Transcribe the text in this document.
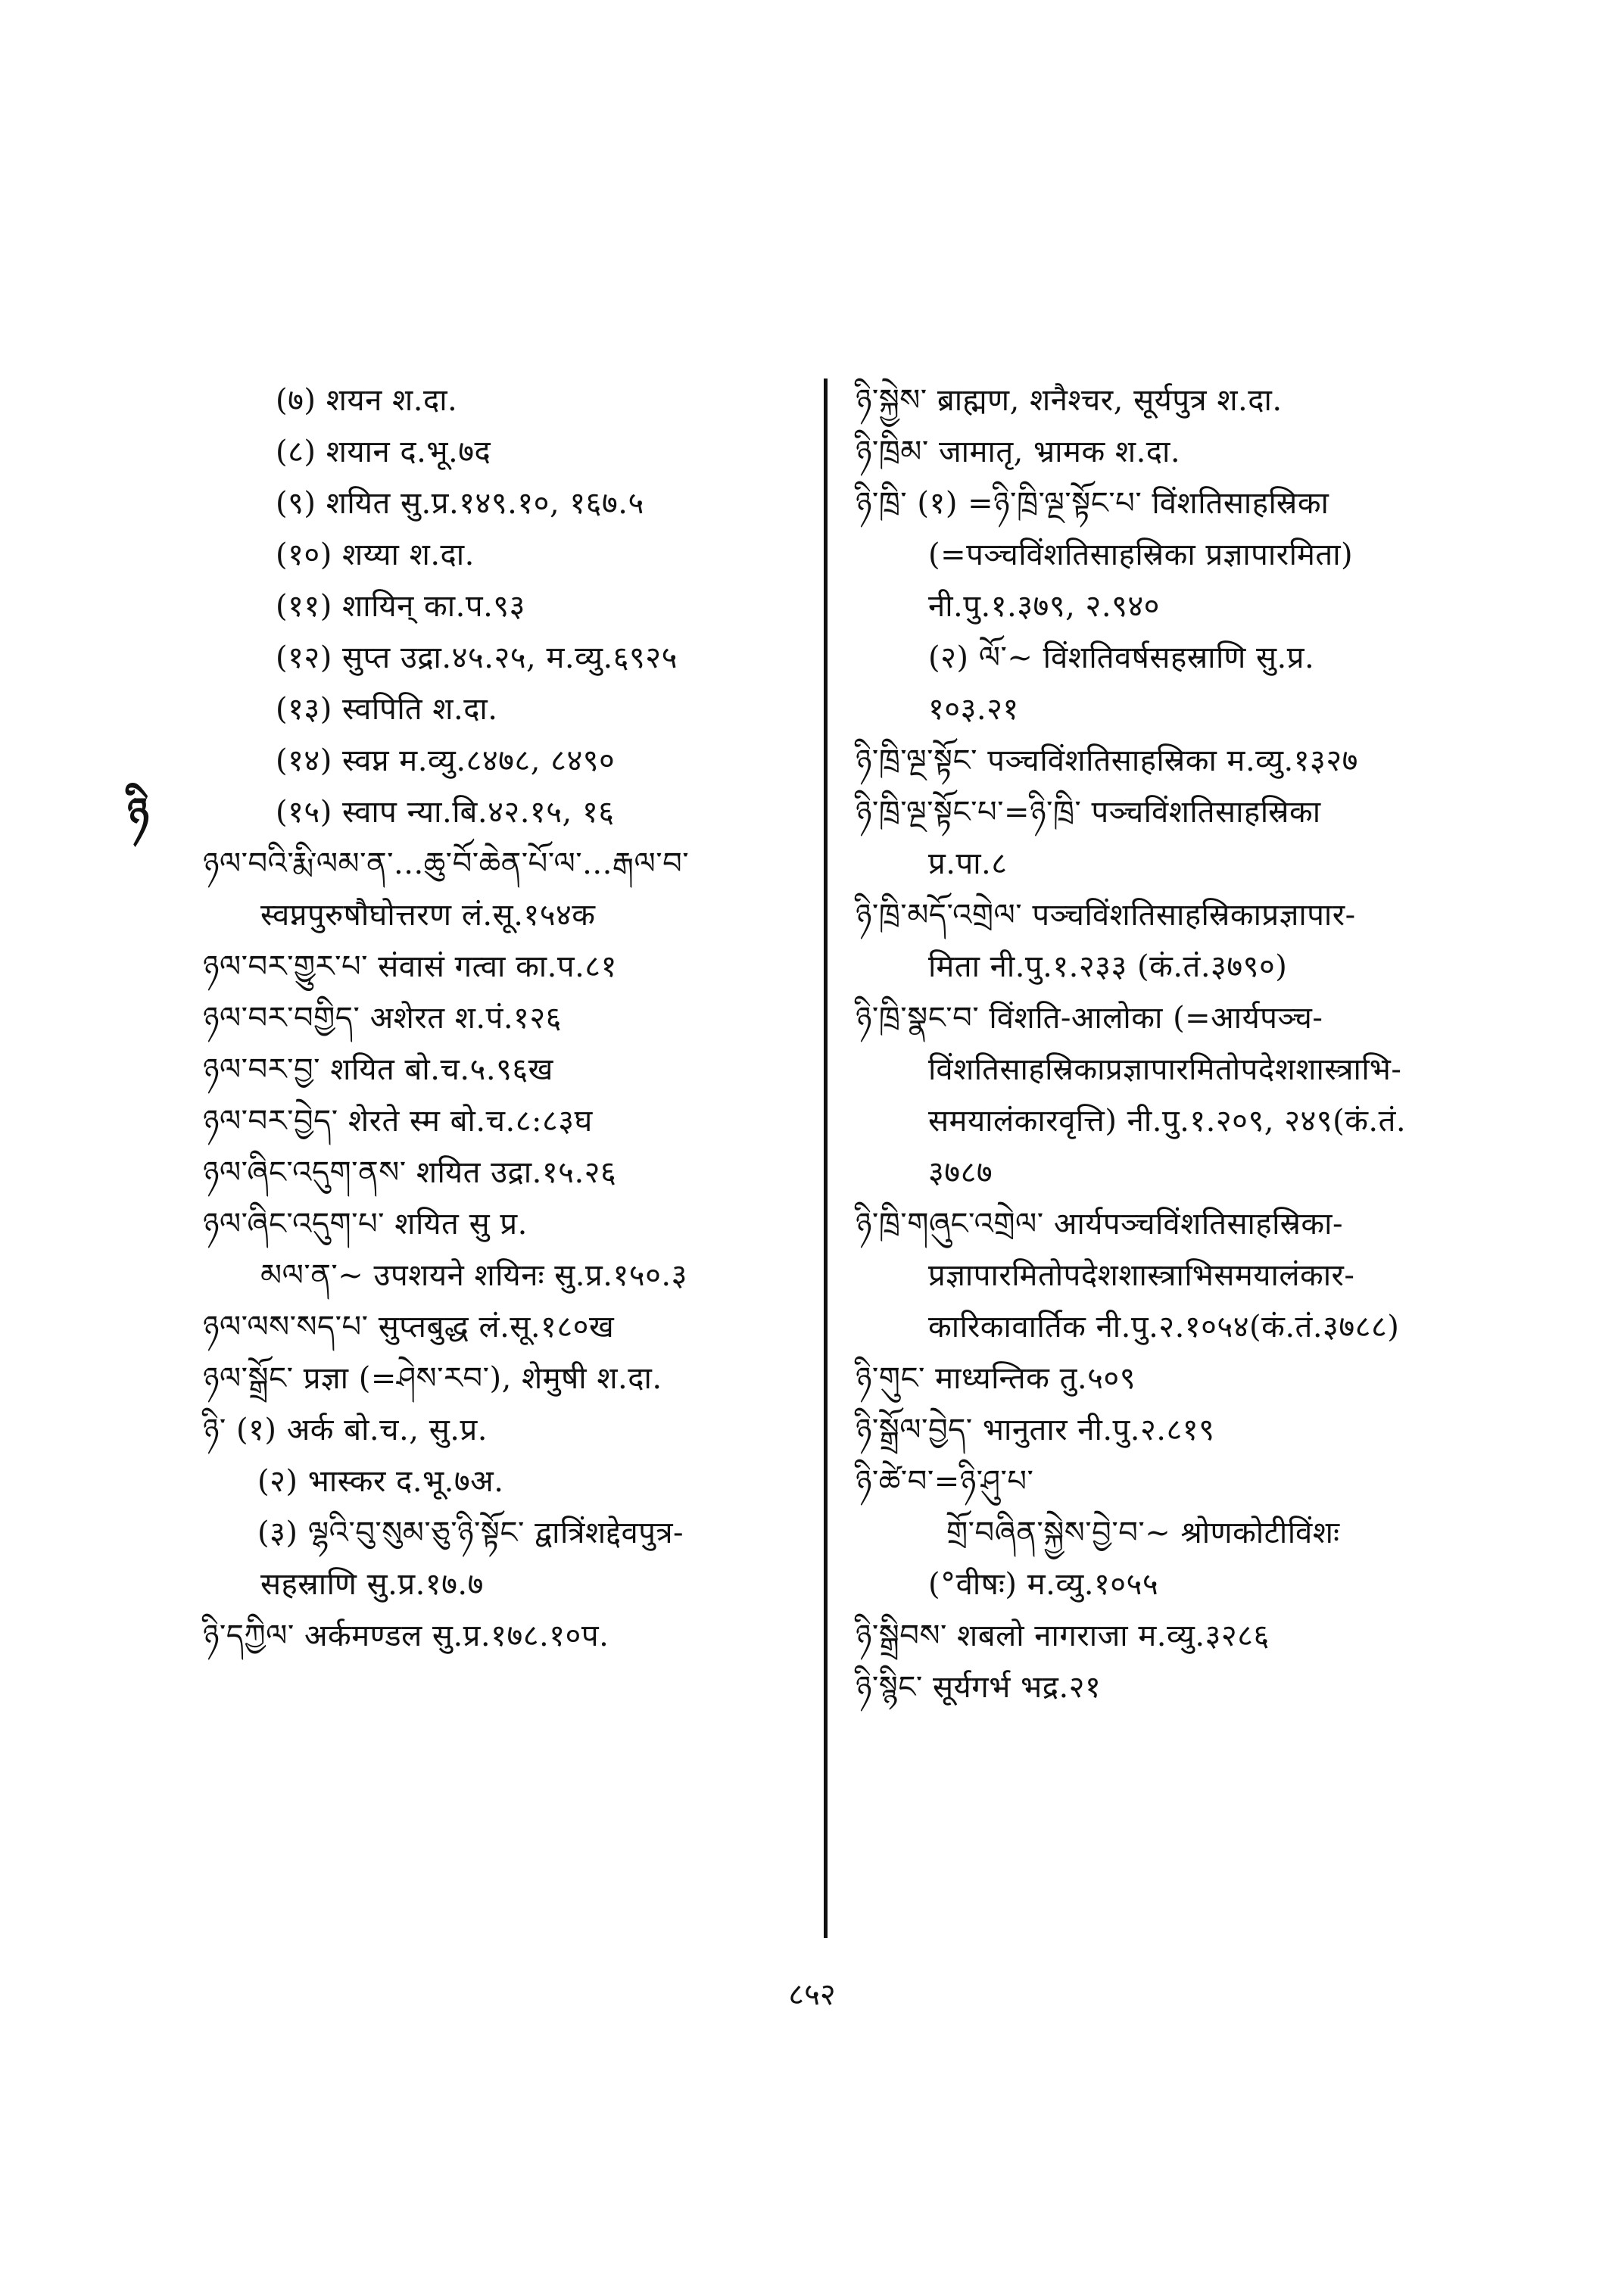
ཉི
(७) शयन श.दा.
(८) शयान द.भू.७द
(९) शयित सु.प्र.१४९.१०, १६७.५
(१०) शय्या श.दा.
(११) शायिन् का.प.९३
(१२) सुप्त उद्रा.४५.२५, म.व्यु.६९२५
(१३) स्वपिति श.दा.
(१४) स्वप्न म.व्यु.८४७८, ८४९०
(१५) स्वाप न्या.बि.४२.१५, १६
ཉལ་བའི་རྨི་ལམ་ན་...ཆུ་བོ་ཆེན་པོ་ལ་...རྒལ་བ་
स्वप्नपुरुषौघोत्तरण लं.सू.१५४क
ཉལ་བར་གྱུར་པ་ संवासं गत्वा का.प.८१
ཉལ་བར་བགྱིད་ अशेरत श.पं.१२६
ཉལ་བར་བྱ་ शयित बो.च.५.९६ख
ཉལ་བར་བྱེད་ शेरते स्म बो.च.८:८३घ
ཉལ་ཞིང་འདུག་ནས་ शयित उद्रा.१५.२६
ཉལ་ཞིང་འདུག་པ་ शयित सु प्र.
མལ་ན་~ उपशयने शयिनः सु.प्र.१५०.३
ཉལ་ལས་སད་པ་ सुप्तबुद्ध लं.सू.१८०ख
ཉལ་སྒྲོང་ प्रज्ञा (=ཤེས་རབ་), शेमुषी श.दा.
ཉི་ (१) अर्क बो.च., सु.प्र.
(२) भास्कर द.भू.७अ.
(३) ལྷའི་བུ་སུམ་ཅུ་ཉི་སྟོང་ द्वात्रिंशद्देवपुत्र-
सहस्राणि सु.प्र.१७.७
ཉི་དཀྱིལ་ अर्कमण्डल सु.प्र.१७८.१०प.
ཉི་སྐྱེས་ ब्राह्मण, शनैश्चर, सूर्यपुत्र श.दा.
ཉི་ཁྲིམ་ जामातृ, भ्रामक श.दा.
ཉི་ཁྲི་ (१) =ཉི་ཁྲི་ལྔ་སྟོང་པ་ विंशतिसाहस्रिका
(=पञ्चविंशतिसाहस्रिका प्रज्ञापारमिता)
नी.पु.१.३७९, २.९४०
(२) ལོ་~ विंशतिवर्षसहस्राणि सु.प्र.
१०३.२१
ཉི་ཁྲི་ལྔ་སྟོང་ पञ्चविंशतिसाहस्रिका म.व्यु.१३२७
ཉི་ཁྲི་ལྔ་སྟོང་པ་=ཉི་ཁྲི་ पञ्चविंशतिसाहस्रिका
प्र.पा.८
ཉི་ཁྲི་མདོ་འགྲེལ་ पञ्चविंशतिसाहस्रिकाप्रज्ञापार-
मिता नी.पु.१.२३३ (कं.तं.३७९०)
ཉི་ཁྲི་སྣང་བ་ विंशति-आलोका (=आर्यपञ्च-
विंशतिसाहस्रिकाप्रज्ञापारमितोपदेशशास्त्राभि-
समयालंकारवृत्ति) नी.पु.१.२०९, २४९(कं.तं.
३७८७
ཉི་ཁྲི་གཞུང་འགྲེལ་ आर्यपञ्चविंशतिसाहस्रिका-
प्रज्ञापारमितोपदेशशास्त्राभिसमयालंकार-
कारिकावार्तिक नी.पु.२.१०५४(कं.तं.३७८८)
ཉི་གུང་ माध्यन्तिक तु.५०९
ཉི་སྒྲོལ་བྱེད་ भानुतार नी.पु.२.८१९
ཉི་ཚེ་བ་=ཉི་ཤུ་པ་
གྲོ་བཞིན་སྐྱེས་བྱེ་བ་~ श्रोणकोटीविंशः
(°वीषः) म.व्यु.१०५५
ཉི་སྒྲིབས་ शबलो नागराजा म.व्यु.३२८६
ཉི་སྙིང་ सूर्यगर्भ भद्र.२१
८५२
